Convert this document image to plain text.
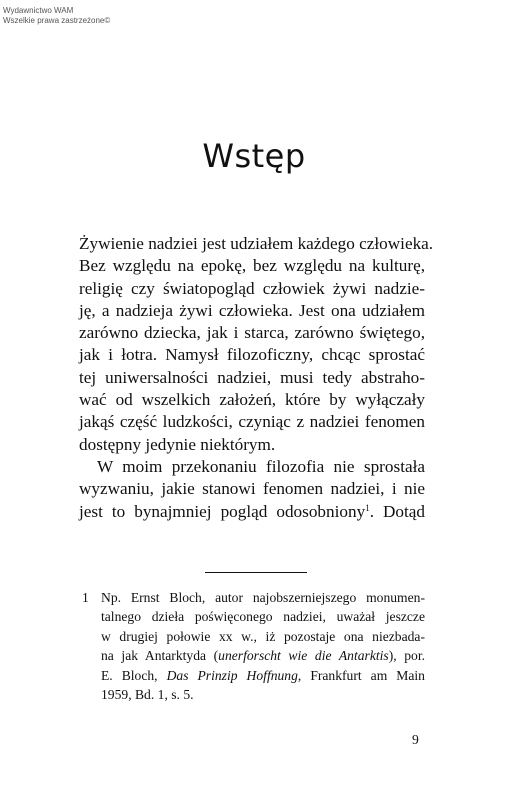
Wydawnictwo WAM
Wszelkie prawa zastrzeżone©
Wstęp

Żywienie nadziei jest udziałem każdego człowieka.
Bez względu na epokę, bez względu na kulturę,
religię czy światopogląd człowiek żywi nadzie-
ję, a nadzieja żywi człowieka. Jest ona udziałem
zarówno dziecka, jak i starca, zarówno świętego,
jak i łotra. Namysł filozoficzny, chcąc sprostać
tej uniwersalności nadziei, musi tedy abstraho-
wać od wszelkich założeń, które by wyłączały
jakąś część ludzkości, czyniąc z nadziei fenomen
dostępny jedynie niektórym.

W moim przekonaniu filozofia nie sprostała
wyzwaniu, jakie stanowi fenomen nadziei, i nie
jest to bynajmniej pogląd odosobniony$^1$. Dotąd

1 Np. Ernst Bloch, autor najobszerniejszego monumen-
talnego dzieła poświęconego nadziei, uważał jeszcze
w drugiej połowie xx w., iż pozostaje ona niezbada-
na jak Antarktyda (unerforscht wie die Antarktis), por.
E. Bloch, Das Prinzip Hoffnung, Frankfurt am Main
1959, Bd. 1, s. 5.
9
